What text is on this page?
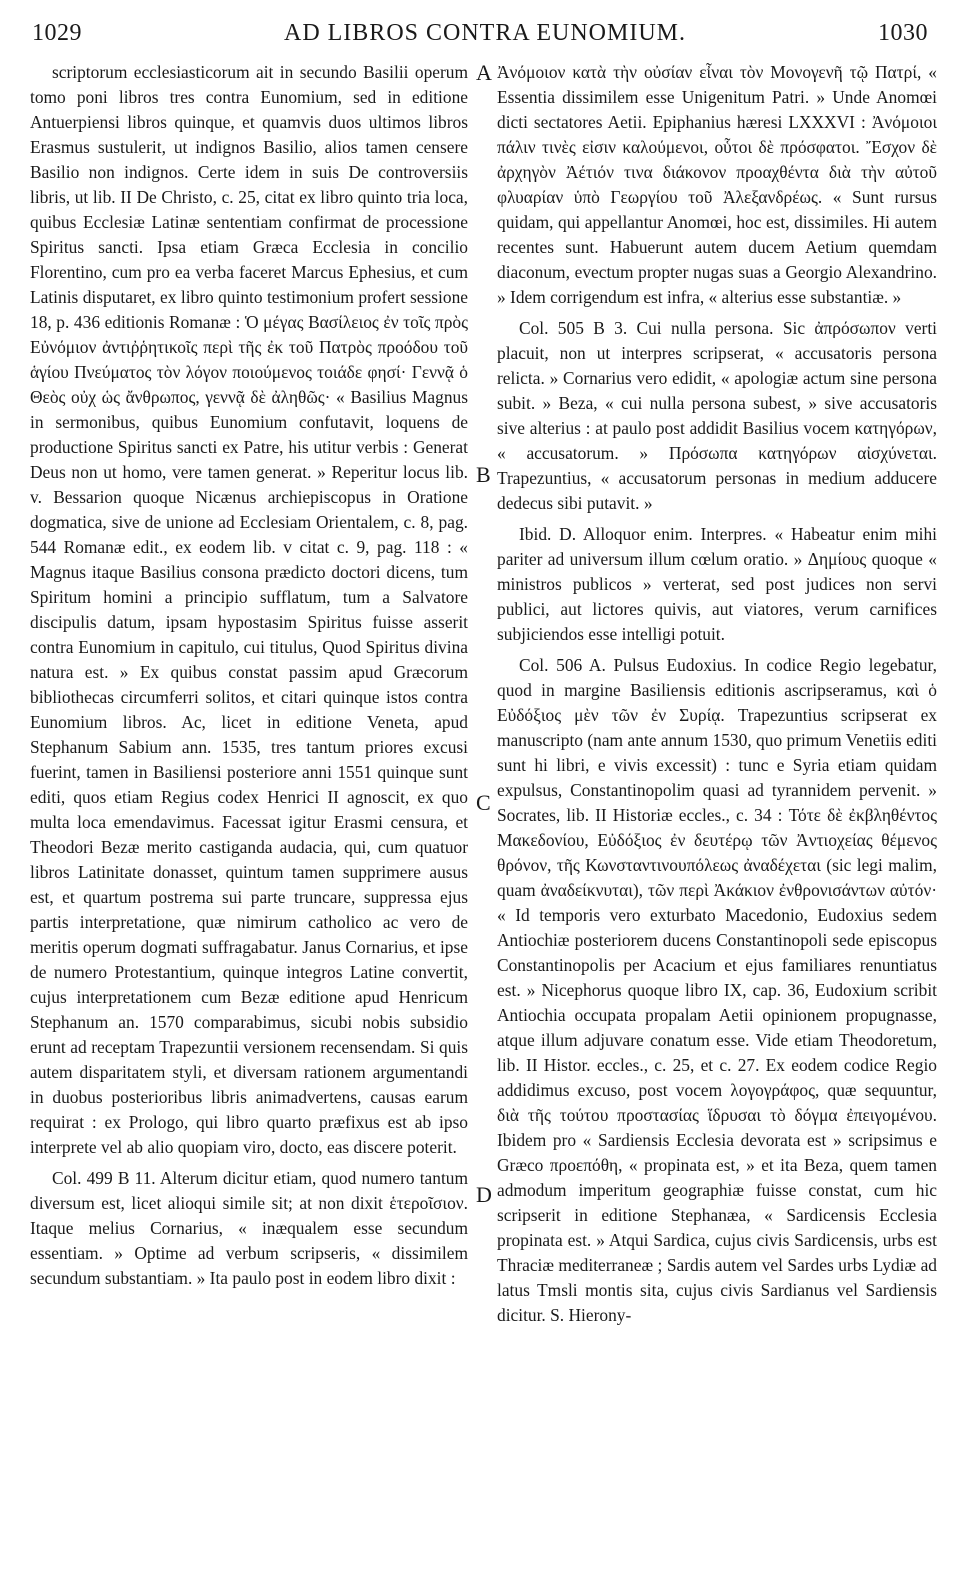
1029	AD LIBROS CONTRA EUNOMIUM.	1030

scriptorum ecclesiasticorum ait in secundo Basilii operum tomo poni libros tres contra Eunomium, sed in editione Antuerpiensi libros quinque, et quamvis duos ultimos libros Erasmus sustulerit, ut indignos Basilio, alios tamen censere Basilio non indignos. Certe idem in suis De controversiis libris, ut lib. II De Christo, c. 25, citat ex libro quinto tria loca, quibus Ecclesiæ Latinæ sententiam confirmat de processione Spiritus sancti. Ipsa etiam Græca Ecclesia in concilio Florentino, cum pro ea verba faceret Marcus Ephesius, et cum Latinis disputaret, ex libro quinto testimonium profert sessione 18, p. 436 editionis Romanæ : Ὁ μέγας Βασίλειος ἐν τοῖς πρὸς Εὐνόμιον ἀντιῤῥητικοῖς περὶ τῆς ἐκ τοῦ Πατρὸς προόδου τοῦ ἁγίου Πνεύματος τὸν λόγον ποιούμενος τοιάδε φησί· Γεννᾷ ὁ Θεὸς οὐχ ὡς ἄνθρωπος, γεννᾷ δὲ ἀληθῶς· « Basilius Magnus in sermonibus, quibus Eunomium confutavit, loquens de productione Spiritus sancti ex Patre, his utitur verbis : Generat Deus non ut homo, vere tamen generat. » Reperitur locus lib. v. Bessarion quoque Nicænus archiepiscopus in Oratione dogmatica, sive de unione ad Ecclesiam Orientalem, c. 8, pag. 544 Romanæ edit., ex eodem lib. v citat c. 9, pag. 118 : « Magnus itaque Basilius consona prædicto doctori dicens, tum Spiritum homini a principio sufflatum, tum a Salvatore discipulis datum, ipsam hypostasim Spiritus fuisse asserit contra Eunomium in capitulo, cui titulus, Quod Spiritus divina natura est. » Ex quibus constat passim apud Græcorum bibliothecas circumferri solitos, et citari quinque istos contra Eunomium libros. Ac, licet in editione Veneta, apud Stephanum Sabium ann. 1535, tres tantum priores excusi fuerint, tamen in Basiliensi posteriore anni 1551 quinque sunt editi, quos etiam Regius codex Henrici II agnoscit, ex quo multa loca emendavimus. Facessat igitur Erasmi censura, et Theodori Bezæ merito castiganda audacia, qui, cum quatuor libros Latinitate donasset, quintum tamen supprimere ausus est, et quartum postrema sui parte truncare, suppressa ejus partis interpretatione, quæ nimirum catholico ac vero de meritis operum dogmati suffragabatur. Janus Cornarius, et ipse de numero Protestantium, quinque integros Latine convertit, cujus interpretationem cum Bezæ editione apud Henricum Stephanum an. 1570 comparabimus, sicubi nobis subsidio erunt ad receptam Trapezuntii versionem recensendam. Si quis autem disparitatem styli, et diversam rationem argumentandi in duobus posterioribus libris animadvertens, causas earum requirat : ex Prologo, qui libro quarto præfixus est ab ipso interprete vel ab alio quopiam viro, docto, eas discere poterit.

Col. 499 B 11. Alterum dicitur etiam, quod numero tantum diversum est, licet alioqui simile sit; at non dixit ἑτεροῖσιον. Itaque melius Cornarius, « inæqualem esse secundum essentiam. » Optime ad verbum scripseris, « dissimilem secundum substantiam. » Ita paulo post in eodem libro dixit :

Ἀνόμοιον κατὰ τὴν οὐσίαν εἶναι τὸν Μονογενῆ τῷ Πατρί, « Essentia dissimilem esse Unigenitum Patri. » Unde Anomœi dicti sectatores Aetii. Epiphanius hæresi LXXXVI : Ἀνόμοιοι πάλιν τινὲς εἰσιν καλούμενοι, οὗτοι δὲ πρόσφατοι. Ἔσχον δὲ ἀρχηγὸν Ἀέτιόν τινα διάκονον προαχθέντα διὰ τὴν αὐτοῦ φλυαρίαν ὑπὸ Γεωργίου τοῦ Ἀλεξανδρέως. « Sunt rursus quidam, qui appellantur Anomœi, hoc est, dissimiles. Hi autem recentes sunt. Habuerunt autem ducem Aetium quemdam diaconum, evectum propter nugas suas a Georgio Alexandrino. » Idem corrigendum est infra, « alterius esse substantiæ. »

Col. 505 B 3. Cui nulla persona. Sic ἀπρόσωπον verti placuit, non ut interpres scripserat, « accusatoris persona relicta. » Cornarius vero edidit, « apologiæ actum sine persona subit. » Beza, « cui nulla persona subest, » sive accusatoris sive alterius : at paulo post addidit Basilius vocem κατηγόρων, « accusatorum. » Πρόσωπα κατηγόρων αἰσχύνεται. Trapezuntius, « accusatorum personas in medium adducere dedecus sibi putavit. »

Ibid. D. Alloquor enim. Interpres. « Habeatur enim mihi pariter ad universum illum cœlum oratio. » Δημίους quoque « ministros publicos » verterat, sed post judices non servi publici, aut lictores quivis, aut viatores, verum carnifices subjiciendos esse intelligi potuit.

Col. 506 A. Pulsus Eudoxius. In codice Regio legebatur, quod in margine Basiliensis editionis ascripseramus, καὶ ὁ Εὐδόξιος μὲν τῶν ἐν Συρίᾳ. Trapezuntius scripserat ex manuscripto (nam ante annum 1530, quo primum Venetiis editi sunt hi libri, e vivis excessit) : tunc e Syria etiam quidam expulsus, Constantinopolim quasi ad tyrannidem pervenit. » Socrates, lib. II Historiæ eccles., c. 34 : Τότε δὲ ἐκβληθέντος Μακεδονίου, Εὐδόξιος ἐν δευτέρῳ τῶν Ἀντιοχείας θέμενος θρόνον, τῆς Κωνσταντινουπόλεως ἀναδέχεται (sic legi malim, quam ἀναδείκνυται), τῶν περὶ Ἀκάκιον ἐνθρονισάντων αὐτόν· « Id temporis vero exturbato Macedonio, Eudoxius sedem Antiochiæ posteriorem ducens Constantinopoli sede episcopus Constantinopolis per Acacium et ejus familiares renuntiatus est. » Nicephorus quoque libro IX, cap. 36, Eudoxium scribit Antiochia occupata propalam Aetii opinionem propugnasse, atque illum adjuvare conatum esse. Vide etiam Theodoretum, lib. II Histor. eccles., c. 25, et c. 27. Ex eodem codice Regio addidimus excuso, post vocem λογογράφος, quæ sequuntur, διὰ τῆς τούτου προστασίας ἵδρυσαι τὸ δόγμα ἐπειγομένου. Ibidem pro « Sardiensis Ecclesia devorata est » scripsimus e Græco προεπόθη, « propinata est, » et ita Beza, quem tamen admodum imperitum geographiæ fuisse constat, cum hic scripserit in editione Stephanæa, « Sardicensis Ecclesia propinata est. » Atqui Sardica, cujus civis Sardicensis, urbs est Thraciæ mediterraneæ ; Sardis autem vel Sardes urbs Lydiæ ad latus Tmsli montis sita, cujus civis Sardianus vel Sardiensis dicitur. S. Hierony-

A
B
C
D
